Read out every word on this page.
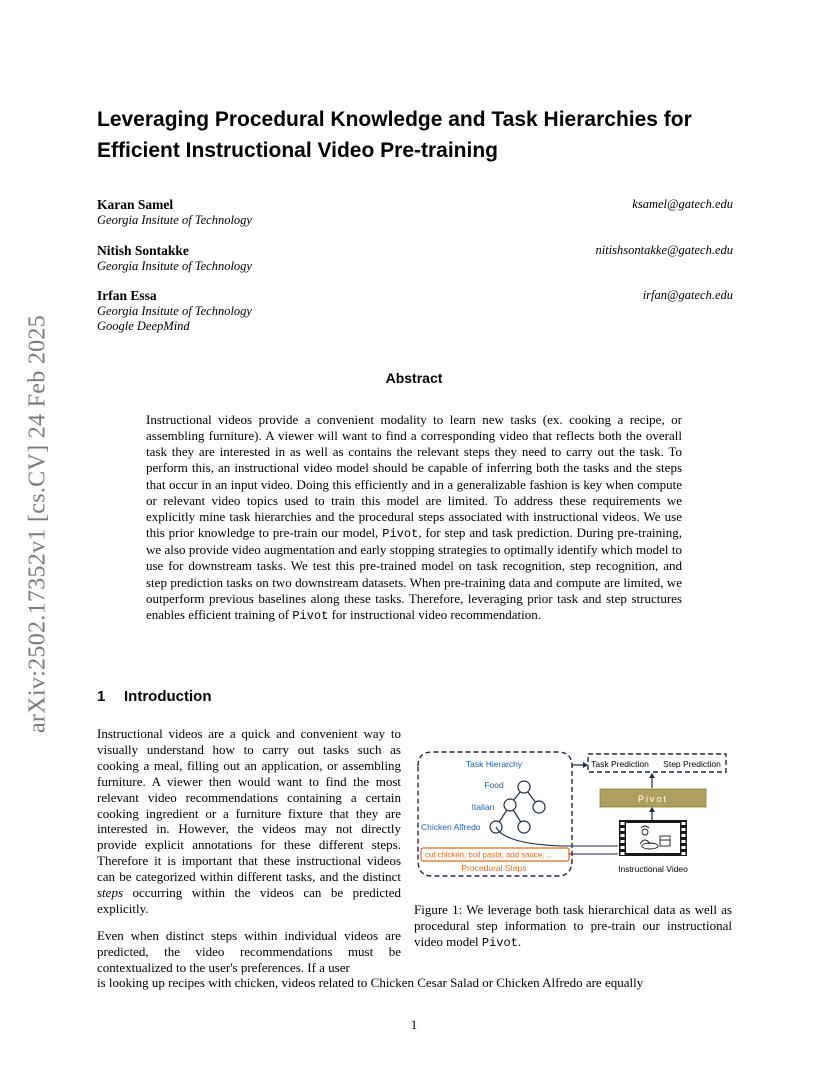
arXiv:2502.17352v1 [cs.CV] 24 Feb 2025
Leveraging Procedural Knowledge and Task Hierarchies for Efficient Instructional Video Pre-training
Karan Samel	ksamel@gatech.edu
Georgia Insitute of Technology
Nitish Sontakke	nitishsontakke@gatech.edu
Georgia Insitute of Technology
Irfan Essa	irfan@gatech.edu
Georgia Insitute of Technology
Google DeepMind
Abstract

Instructional videos provide a convenient modality to learn new tasks (ex. cooking a recipe, or assembling furniture). A viewer will want to find a corresponding video that reflects both the overall task they are interested in as well as contains the relevant steps they need to carry out the task. To perform this, an instructional video model should be capable of inferring both the tasks and the steps that occur in an input video. Doing this efficiently and in a generalizable fashion is key when compute or relevant video topics used to train this model are limited. To address these requirements we explicitly mine task hierarchies and the procedural steps associated with instructional videos. We use this prior knowledge to pre-train our model, Pivot, for step and task prediction. During pre-training, we also provide video augmentation and early stopping strategies to optimally identify which model to use for downstream tasks. We test this pre-trained model on task recognition, step recognition, and step prediction tasks on two downstream datasets. When pre-training data and compute are limited, we outperform previous baselines along these tasks. Therefore, leveraging prior task and step structures enables efficient training of Pivot for instructional video recommendation.

1 Introduction

Instructional videos are a quick and convenient way to visually understand how to carry out tasks such as cooking a meal, filling out an application, or assembling furniture. A viewer then would want to find the most relevant video recommendations containing a certain cooking ingredient or a furniture fixture that they are interested in. However, the videos may not directly provide explicit annotations for these different steps. Therefore it is important that these instructional videos can be categorized within different tasks, and the distinct steps occurring within the videos can be predicted explicitly.

Even when distinct steps within individual videos are predicted, the video recommendations must be contextualized to the user's preferences. If a user

is looking up recipes with chicken, videos related to Chicken Cesar Salad or Chicken Alfredo are equally

Task Hierarchy
Food
Italian
Chicken Alfredo
cut chicken, boil pasta, add sauce, ...
Procedural Steps
Task Prediction Step Prediction
Pivot
Instructional Video

Figure 1: We leverage both task hierarchical data as well as procedural step information to pre-train our instructional video model Pivot.

1
